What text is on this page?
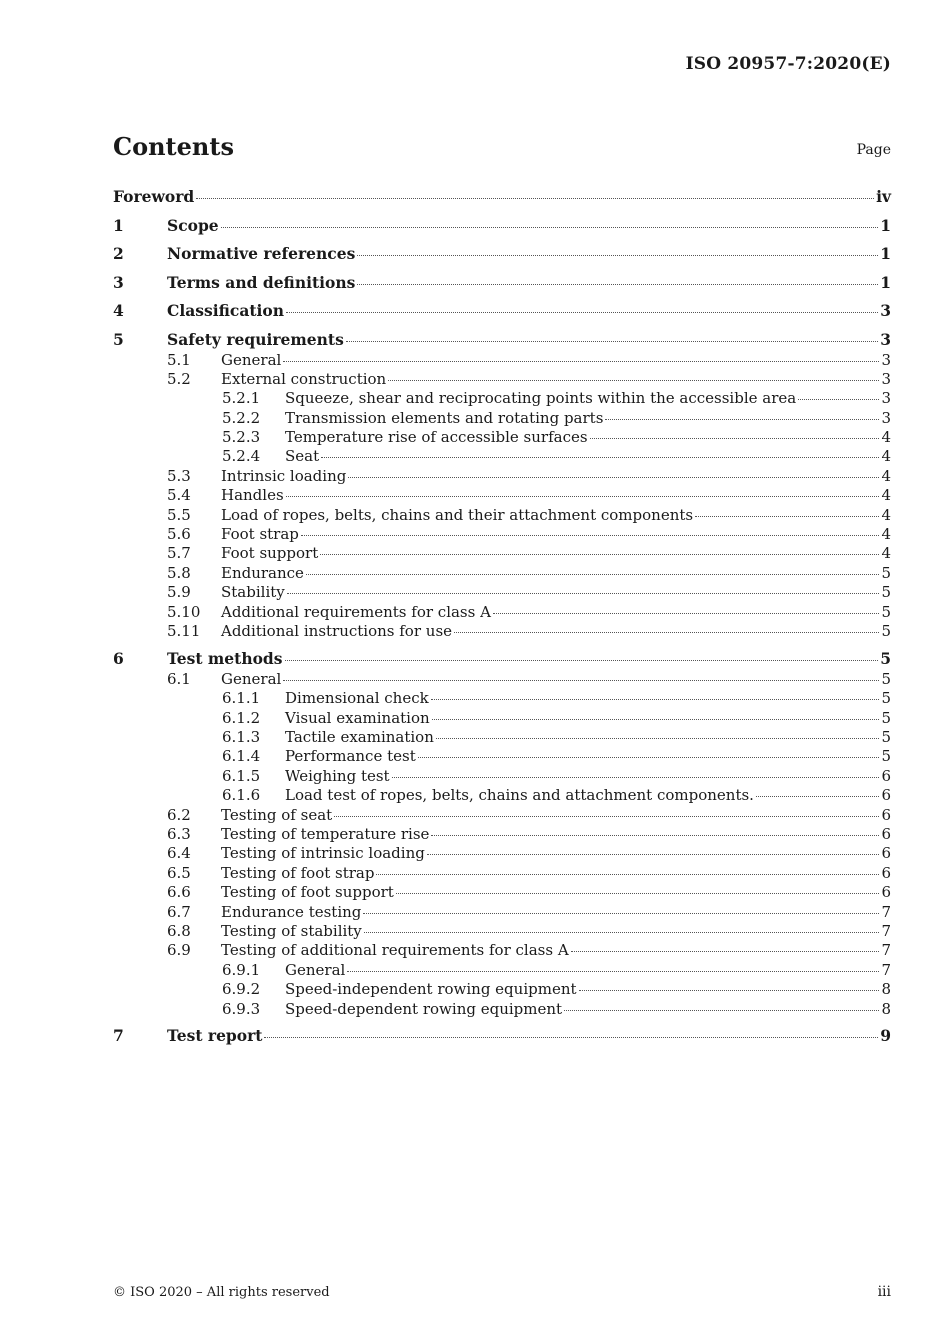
ISO 20957-7:2020(E)
Contents	Page
Foreword	iv
1	Scope	1
2	Normative references	1
3	Terms and definitions	1
4	Classification	3
5	Safety requirements	3
5.1	General	3
5.2	External construction	3
5.2.1	Squeeze, shear and reciprocating points within the accessible area	3
5.2.2	Transmission elements and rotating parts	3
5.2.3	Temperature rise of accessible surfaces	4
5.2.4	Seat	4
5.3	Intrinsic loading	4
5.4	Handles	4
5.5	Load of ropes, belts, chains and their attachment components	4
5.6	Foot strap	4
5.7	Foot support	4
5.8	Endurance	5
5.9	Stability	5
5.10	Additional requirements for class A	5
5.11	Additional instructions for use	5
6	Test methods	5
6.1	General	5
6.1.1	Dimensional check	5
6.1.2	Visual examination	5
6.1.3	Tactile examination	5
6.1.4	Performance test	5
6.1.5	Weighing test	6
6.1.6	Load test of ropes, belts, chains and attachment components.	6
6.2	Testing of seat	6
6.3	Testing of temperature rise	6
6.4	Testing of intrinsic loading	6
6.5	Testing of foot strap	6
6.6	Testing of foot support	6
6.7	Endurance testing	7
6.8	Testing of stability	7
6.9	Testing of additional requirements for class A	7
6.9.1	General	7
6.9.2	Speed-independent rowing equipment	8
6.9.3	Speed-dependent rowing equipment	8
7	Test report	9
© ISO 2020 – All rights reserved	iii
